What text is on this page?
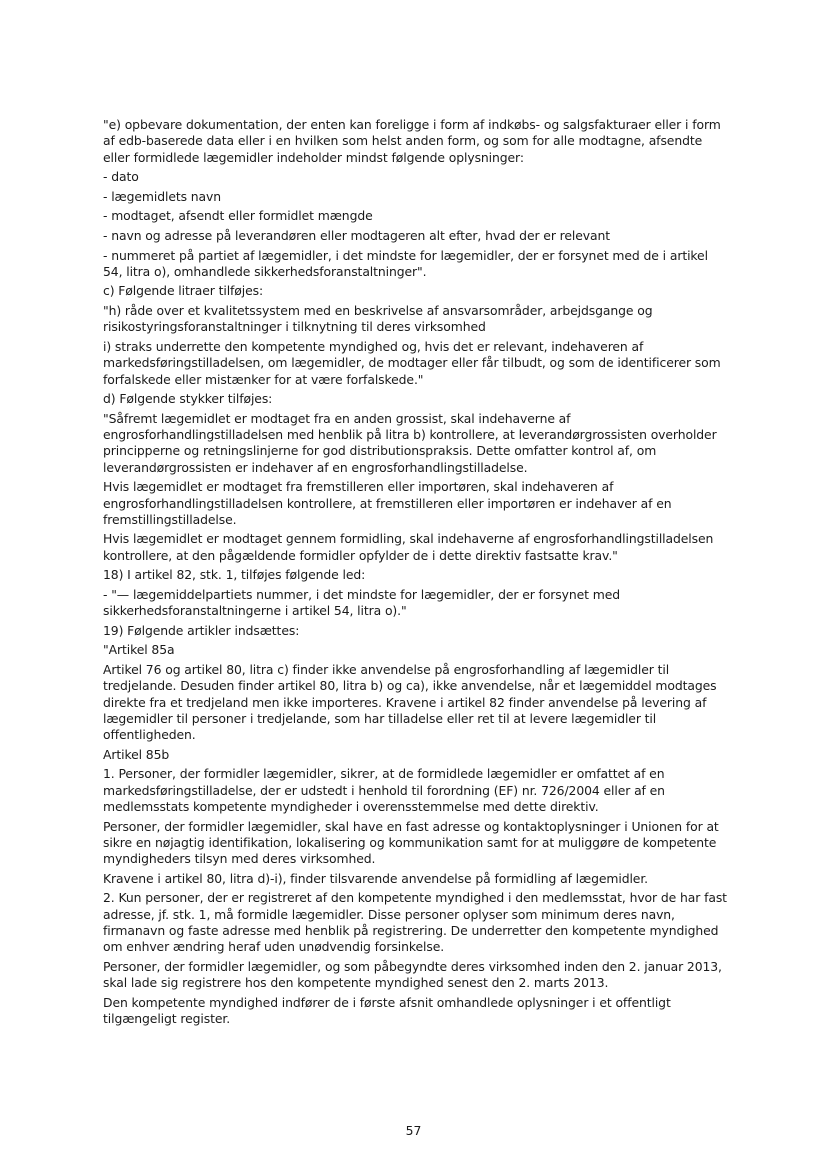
"e) opbevare dokumentation, der enten kan foreligge i form af indkøbs- og salgsfakturaer eller i form af edb-baserede data eller i en hvilken som helst anden form, og som for alle modtagne, afsendte eller formidlede lægemidler indeholder mindst følgende oplysninger:

- dato

- lægemidlets navn

- modtaget, afsendt eller formidlet mængde

- navn og adresse på leverandøren eller modtageren alt efter, hvad der er relevant

- nummeret på partiet af lægemidler, i det mindste for lægemidler, der er forsynet med de i artikel 54, litra o), omhandlede sikkerhedsforanstaltninger".

c) Følgende litraer tilføjes:

"h) råde over et kvalitetssystem med en beskrivelse af ansvarsområder, arbejdsgange og risikostyringsforanstaltninger i tilknytning til deres virksomhed

i) straks underrette den kompetente myndighed og, hvis det er relevant, indehaveren af markedsføringstilladelsen, om lægemidler, de modtager eller får tilbudt, og som de identificerer som forfalskede eller mistænker for at være forfalskede."

d) Følgende stykker tilføjes:

"Såfremt lægemidlet er modtaget fra en anden grossist, skal indehaverne af engrosforhandlingstilladelsen med henblik på litra b) kontrollere, at leverandørgrossisten overholder principperne og retningslinjerne for god distributionspraksis. Dette omfatter kontrol af, om leverandørgrossisten er indehaver af en engrosforhandlingstilladelse.

Hvis lægemidlet er modtaget fra fremstilleren eller importøren, skal indehaveren af engrosforhandlingstilladelsen kontrollere, at fremstilleren eller importøren er indehaver af en fremstillingstilladelse.

Hvis lægemidlet er modtaget gennem formidling, skal indehaverne af engrosforhandlingstilladelsen kontrollere, at den pågældende formidler opfylder de i dette direktiv fastsatte krav."

18) I artikel 82, stk. 1, tilføjes følgende led:

- "— lægemiddelpartiets nummer, i det mindste for lægemidler, der er forsynet med sikkerhedsforanstaltningerne i artikel 54, litra o)."

19) Følgende artikler indsættes:

"Artikel 85a

Artikel 76 og artikel 80, litra c) finder ikke anvendelse på engrosforhandling af lægemidler til tredjelande. Desuden finder artikel 80, litra b) og ca), ikke anvendelse, når et lægemiddel modtages direkte fra et tredjeland men ikke importeres. Kravene i artikel 82 finder anvendelse på levering af lægemidler til personer i tredjelande, som har tilladelse eller ret til at levere lægemidler til offentligheden.

Artikel 85b

1. Personer, der formidler lægemidler, sikrer, at de formidlede lægemidler er omfattet af en markedsføringstilladelse, der er udstedt i henhold til forordning (EF) nr. 726/2004 eller af en medlemsstats kompetente myndigheder i overensstemmelse med dette direktiv.

Personer, der formidler lægemidler, skal have en fast adresse og kontaktoplysninger i Unionen for at sikre en nøjagtig identifikation, lokalisering og kommunikation samt for at muliggøre de kompetente myndigheders tilsyn med deres virksomhed.

Kravene i artikel 80, litra d)-i), finder tilsvarende anvendelse på formidling af lægemidler.

2. Kun personer, der er registreret af den kompetente myndighed i den medlemsstat, hvor de har fast adresse, jf. stk. 1, må formidle lægemidler. Disse personer oplyser som minimum deres navn, firmanavn og faste adresse med henblik på registrering. De underretter den kompetente myndighed om enhver ændring heraf uden unødvendig forsinkelse.

Personer, der formidler lægemidler, og som påbegyndte deres virksomhed inden den 2. januar 2013, skal lade sig registrere hos den kompetente myndighed senest den 2. marts 2013.

Den kompetente myndighed indfører de i første afsnit omhandlede oplysninger i et offentligt tilgængeligt register.

57
